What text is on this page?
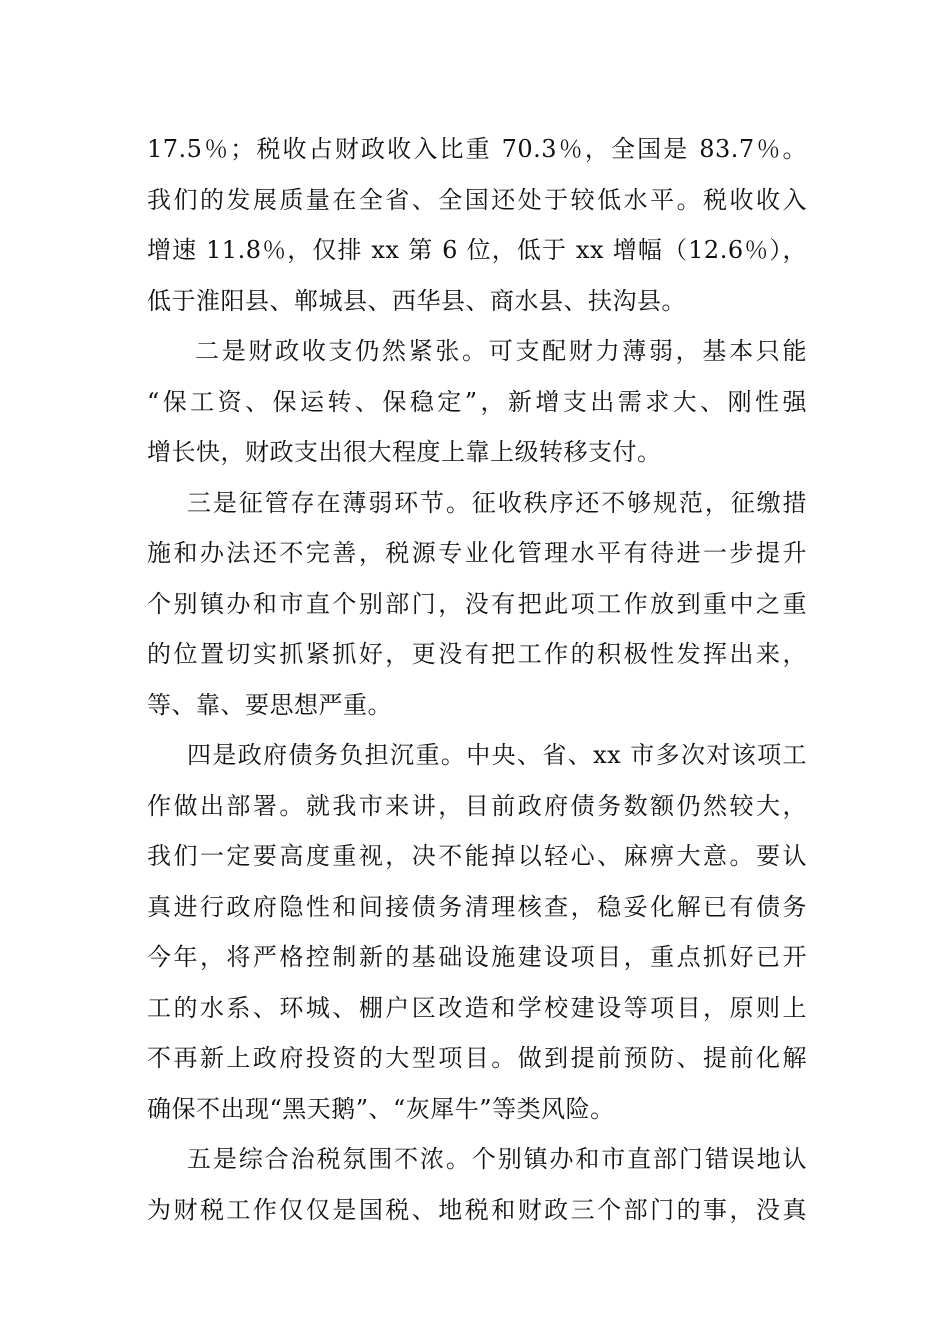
17.5％；税收占财政收入比重 70.3％，全国是 83.7％。
我们的发展质量在全省、全国还处于较低水平。税收收入
增速 11.8％，仅排 xx 第 6 位，低于 xx 增幅（12.6％），
低于淮阳县、郸城县、西华县、商水县、扶沟县。

二是财政收支仍然紧张。可支配财力薄弱，基本只能
“保工资、保运转、保稳定”，新增支出需求大、刚性强
增长快，财政支出很大程度上靠上级转移支付。

三是征管存在薄弱环节。征收秩序还不够规范，征缴措
施和办法还不完善，税源专业化管理水平有待进一步提升
个别镇办和市直个别部门，没有把此项工作放到重中之重
的位置切实抓紧抓好，更没有把工作的积极性发挥出来，
等、靠、要思想严重。

四是政府债务负担沉重。中央、省、xx 市多次对该项工
作做出部署。就我市来讲，目前政府债务数额仍然较大，
我们一定要高度重视，决不能掉以轻心、麻痹大意。要认
真进行政府隐性和间接债务清理核查，稳妥化解已有债务
今年，将严格控制新的基础设施建设项目，重点抓好已开
工的水系、环城、棚户区改造和学校建设等项目，原则上
不再新上政府投资的大型项目。做到提前预防、提前化解
确保不出现“黑天鹅”、“灰犀牛”等类风险。

五是综合治税氛围不浓。个别镇办和市直部门错误地认
为财税工作仅仅是国税、地税和财政三个部门的事，没真
